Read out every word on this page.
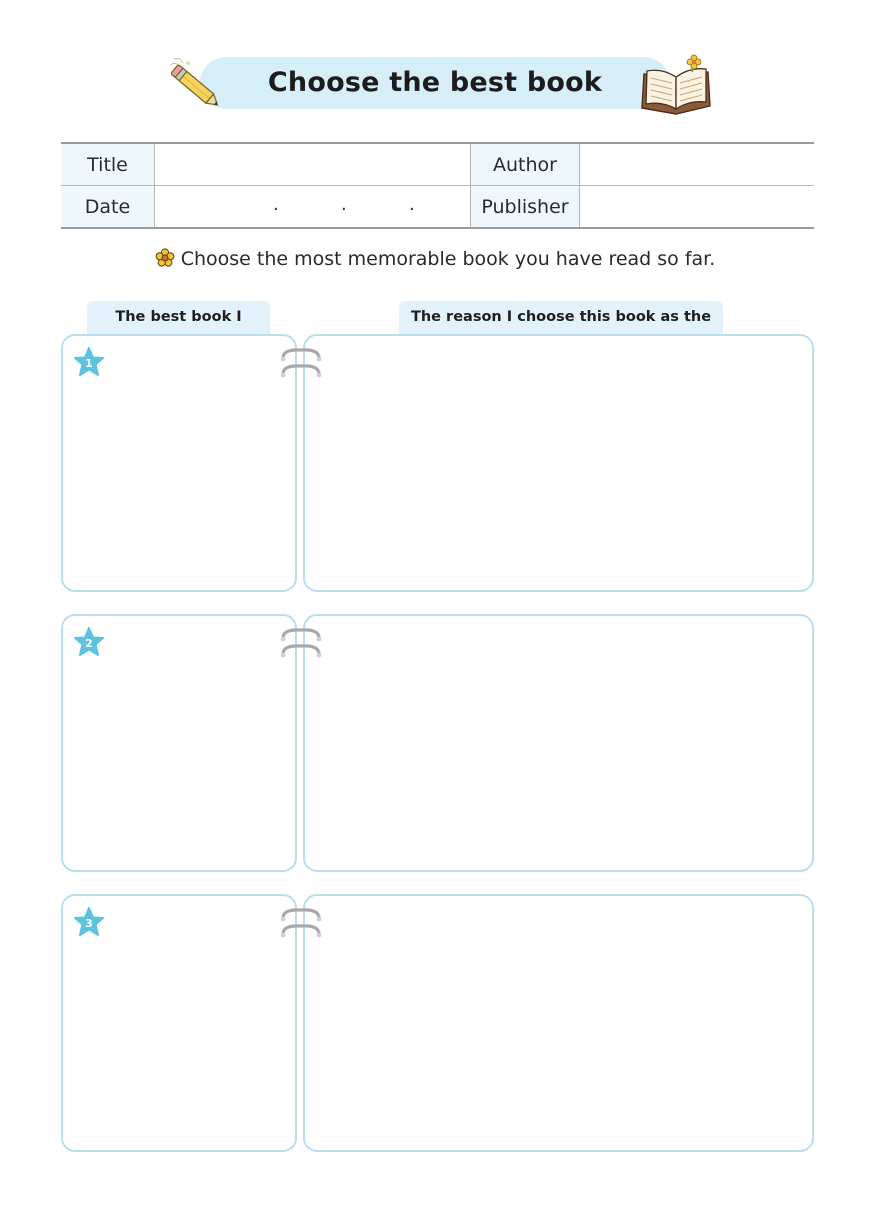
Choose the best book
Title		Author	
Date	. . .	Publisher	
Choose the most memorable book you have read so far.
The best book I	The reason I choose this book as the
1
2
3
